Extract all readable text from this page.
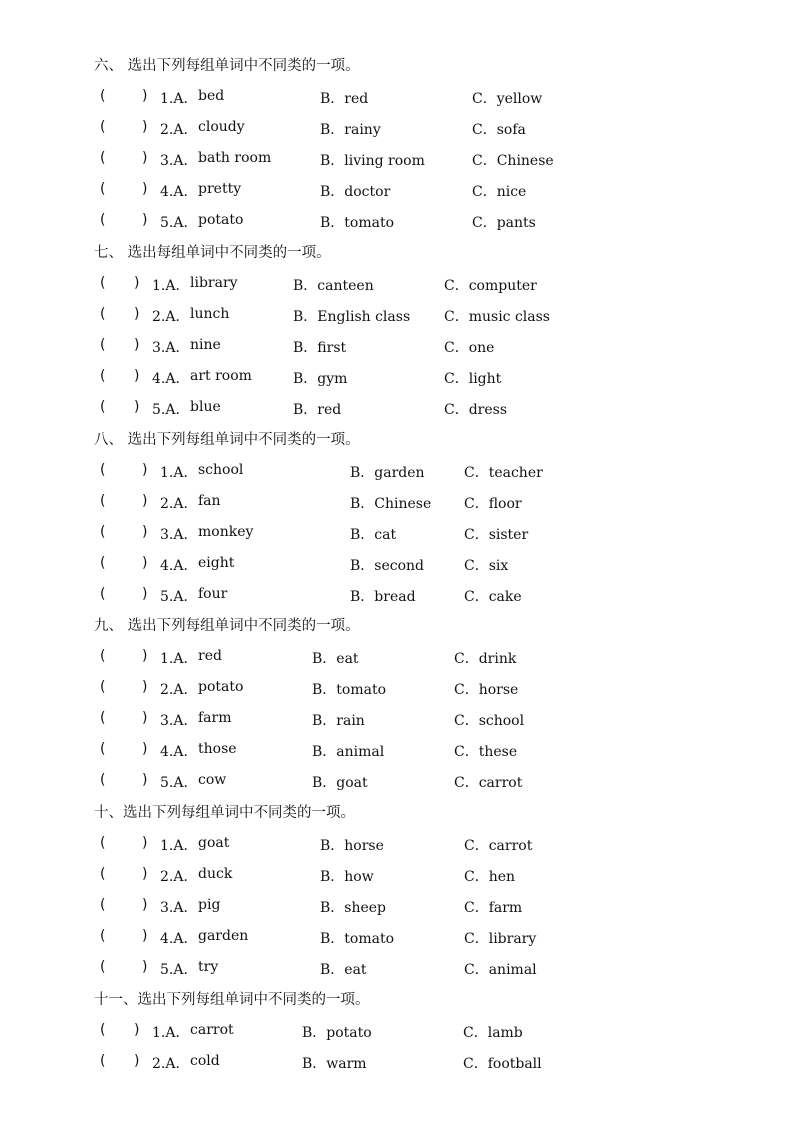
六、 选出下列每组单词中不同类的一项。
(	) 1.A． bed	B．red	C．yellow
(	) 2.A． cloudy	B．rainy	C．sofa
(	) 3.A． bath room	B．living room	C．Chinese
(	) 4.A． pretty	B．doctor	C．nice
(	) 5.A． potato	B．tomato	C．pants
七、 选出每组单词中不同类的一项。
( ) 1.A． library	B．canteen	C．computer
( ) 2.A． lunch	B．English class C．music class
( ) 3.A． nine	B．first	C．one
( ) 4.A． art room	B．gym	C．light
( ) 5.A． blue	B．red	C．dress
八、 选出下列每组单词中不同类的一项。
(	) 1.A． school	B．garden	C．teacher
(	) 2.A． fan	B．Chinese C．floor
(	) 3.A． monkey	B．cat	C．sister
(	) 4.A． eight	B．second	C．six
(	) 5.A． four	B．bread	C．cake
九、 选出下列每组单词中不同类的一项。
(	) 1.A． red	B．eat	C．drink
(	) 2.A． potato	B．tomato	C．horse
(	) 3.A． farm	B．rain	C．school
(	) 4.A． those	B．animal	C．these
(	) 5.A． cow	B．goat	C．carrot
十、选出下列每组单词中不同类的一项。
(	) 1.A． goat	B．horse	C．carrot
(	) 2.A． duck	B．how	C．hen
(	) 3.A． pig	B．sheep	C．farm
(	) 4.A． garden	B．tomato	C．library
(	) 5.A． try	B．eat	C．animal
十一、选出下列每组单词中不同类的一项。
( ) 1.A． carrot	B．potato	C．lamb
( ) 2.A． cold	B．warm	C．football
